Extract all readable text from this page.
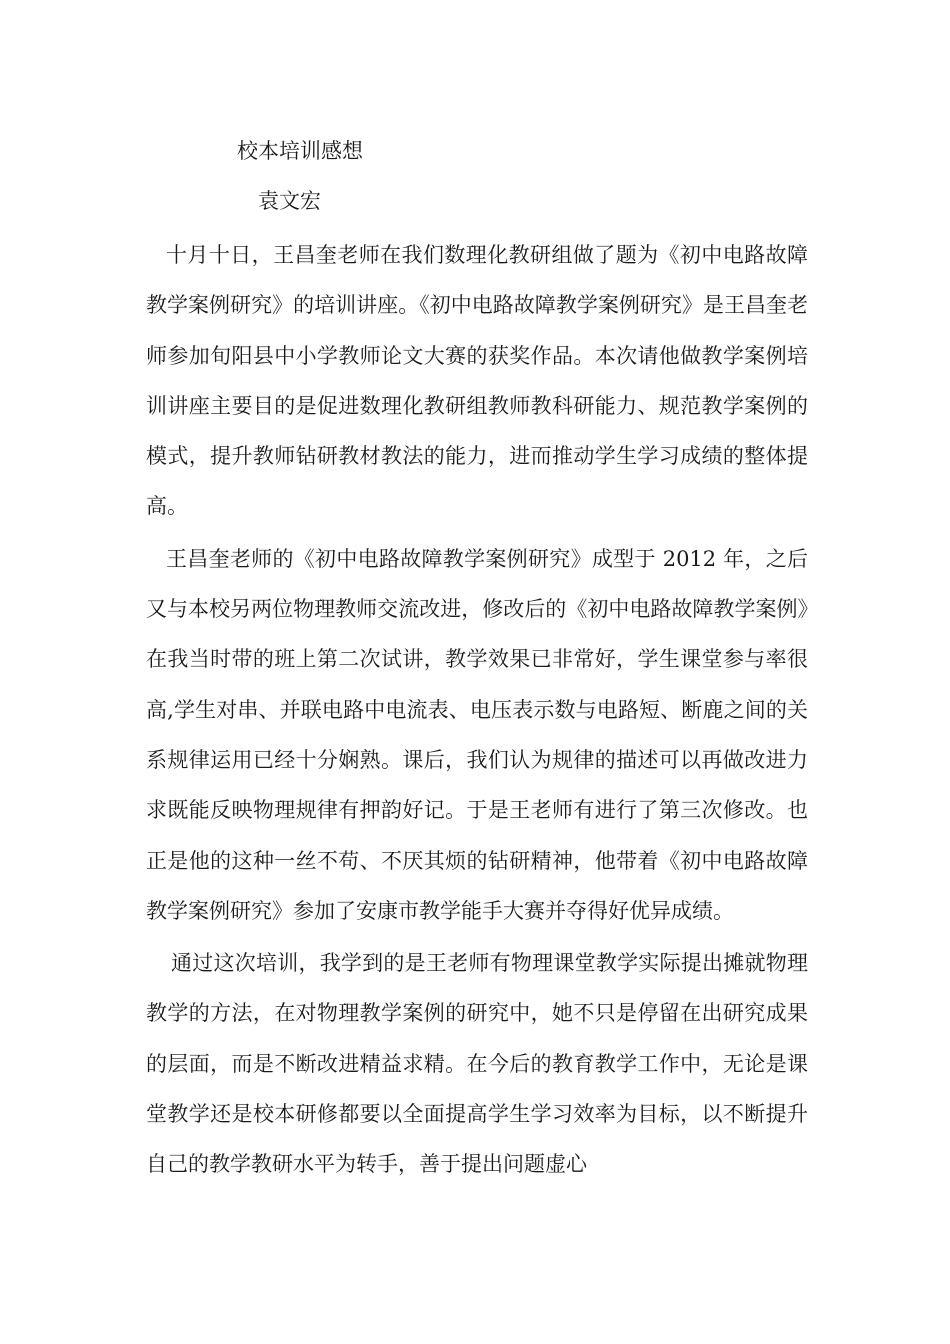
校本培训感想
袁文宏

十月十日，王昌奎老师在我们数理化教研组做了题为《初中电路故障教学案例研究》的培训讲座。《初中电路故障教学案例研究》是王昌奎老师参加旬阳县中小学教师论文大赛的获奖作品。本次请他做教学案例培训讲座主要目的是促进数理化教研组教师教科研能力、规范教学案例的模式，提升教师钻研教材教法的能力，进而推动学生学习成绩的整体提高。

王昌奎老师的《初中电路故障教学案例研究》成型于 2012 年，之后又与本校另两位物理教师交流改进，修改后的《初中电路故障教学案例》在我当时带的班上第二次试讲，教学效果已非常好，学生课堂参与率很高,学生对串、并联电路中电流表、电压表示数与电路短、断鹿之间的关系规律运用已经十分娴熟。课后，我们认为规律的描述可以再做改进力求既能反映物理规律有押韵好记。于是王老师有进行了第三次修改。也正是他的这种一丝不苟、不厌其烦的钻研精神，他带着《初中电路故障教学案例研究》参加了安康市教学能手大赛并夺得好优异成绩。

通过这次培训，我学到的是王老师有物理课堂教学实际提出摊就物理教学的方法，在对物理教学案例的研究中，她不只是停留在出研究成果的层面，而是不断改进精益求精。在今后的教育教学工作中，无论是课堂教学还是校本研修都要以全面提高学生学习效率为目标，以不断提升自己的教学教研水平为转手，善于提出问题虚心
